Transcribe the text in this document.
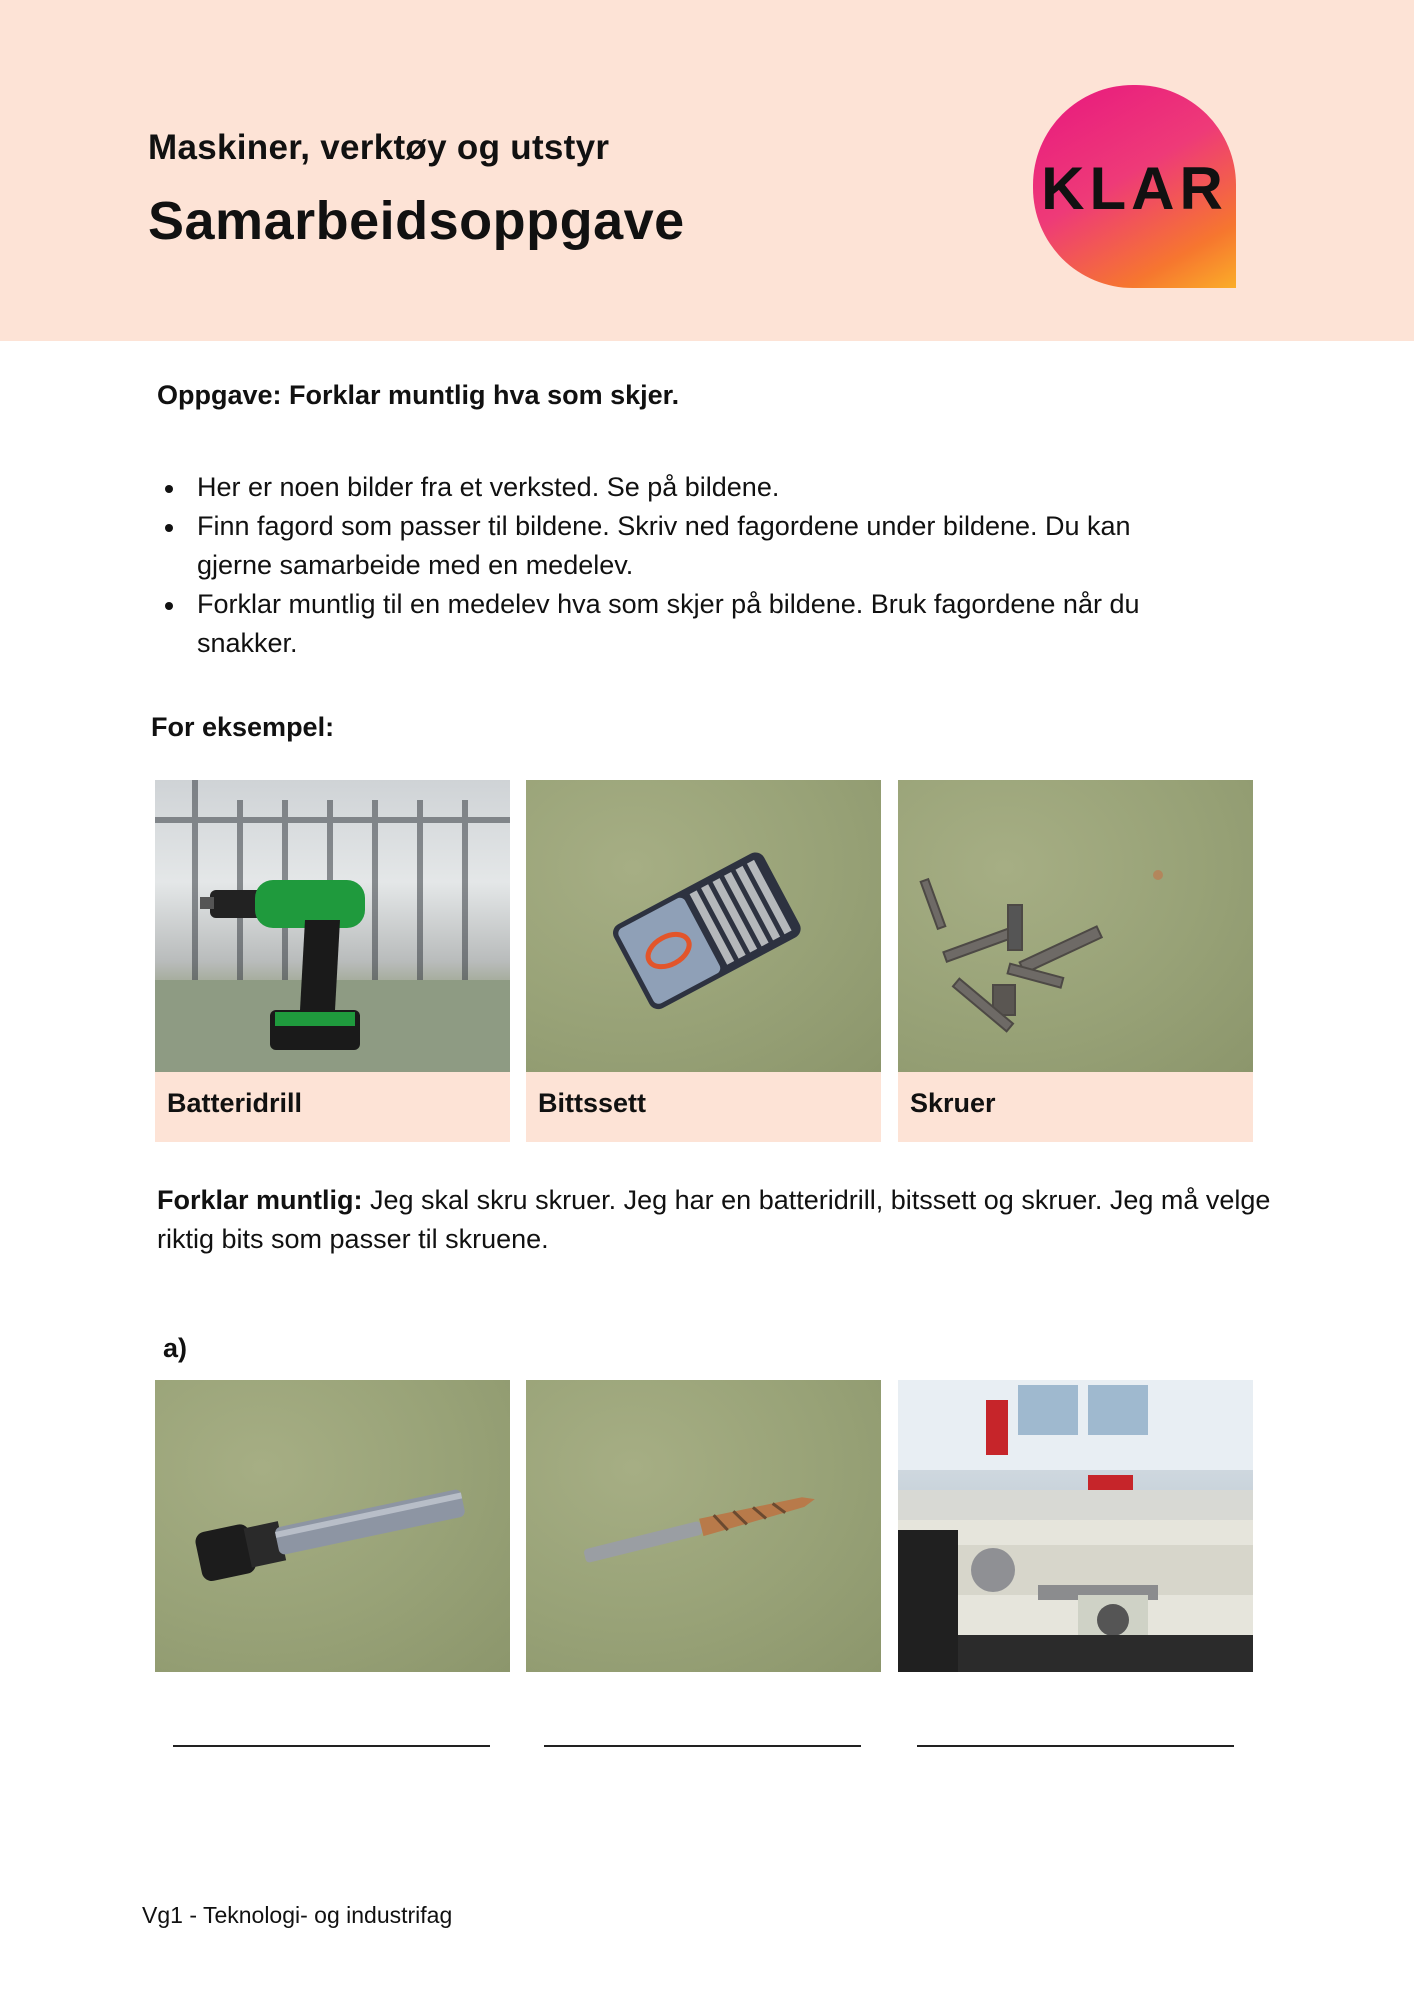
Maskiner, verktøy og utstyr
Samarbeidsoppgave	KLAR
Oppgave: Forklar muntlig hva som skjer.
Her er noen bilder fra et verksted. Se på bildene.
Finn fagord som passer til bildene. Skriv ned fagordene under bildene. Du kan gjerne samarbeide med en medelev.
Forklar muntlig til en medelev hva som skjer på bildene. Bruk fagordene når du snakker.
For eksempel:
Batteridrill	Bittssett	Skruer

Forklar muntlig: Jeg skal skru skruer. Jeg har en batteridrill, bitssett og skruer. Jeg må velge riktig bits som passer til skruene.

a)
Vg1 - Teknologi- og industrifag
